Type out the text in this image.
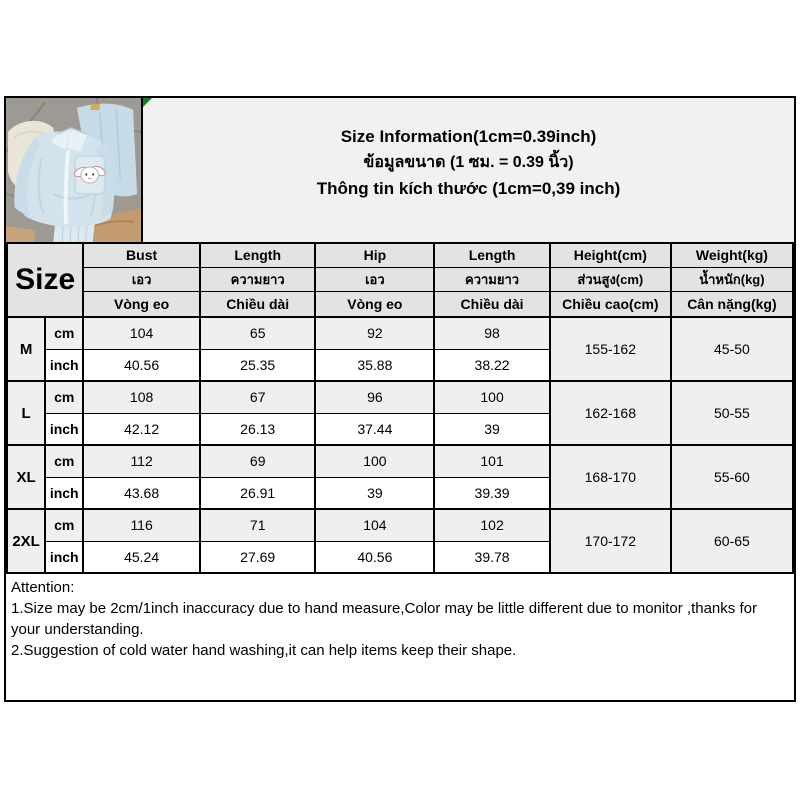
Size Information(1cm=0.39inch)
ข้อมูลขนาด (1 ซม. = 0.39 นิ้ว)
Thông tin kích thước (1cm=0,39 inch)
Size		Bust	Length	Hip	Length	Height(cm)	Weight(kg)
		เอว	ความยาว	เอว	ความยาว	ส่วนสูง(cm)	น้ำหนัก(kg)
		Vòng eo	Chiều dài	Vòng eo	Chiều dài	Chiều cao(cm)	Cân nặng(kg)
M	cm	104	65	92	98	155-162	45-50
	inch	40.56	25.35	35.88	38.22		
L	cm	108	67	96	100	162-168	50-55
	inch	42.12	26.13	37.44	39		
XL	cm	112	69	100	101	168-170	55-60
	inch	43.68	26.91	39	39.39		
2XL	cm	116	71	104	102	170-172	60-65
	inch	45.24	27.69	40.56	39.78		
Attention:
1.Size may be 2cm/1inch inaccuracy due to hand measure,Color may be little different due to monitor ,thanks for your understanding.
2.Suggestion of cold water hand washing,it can help items keep their shape.
